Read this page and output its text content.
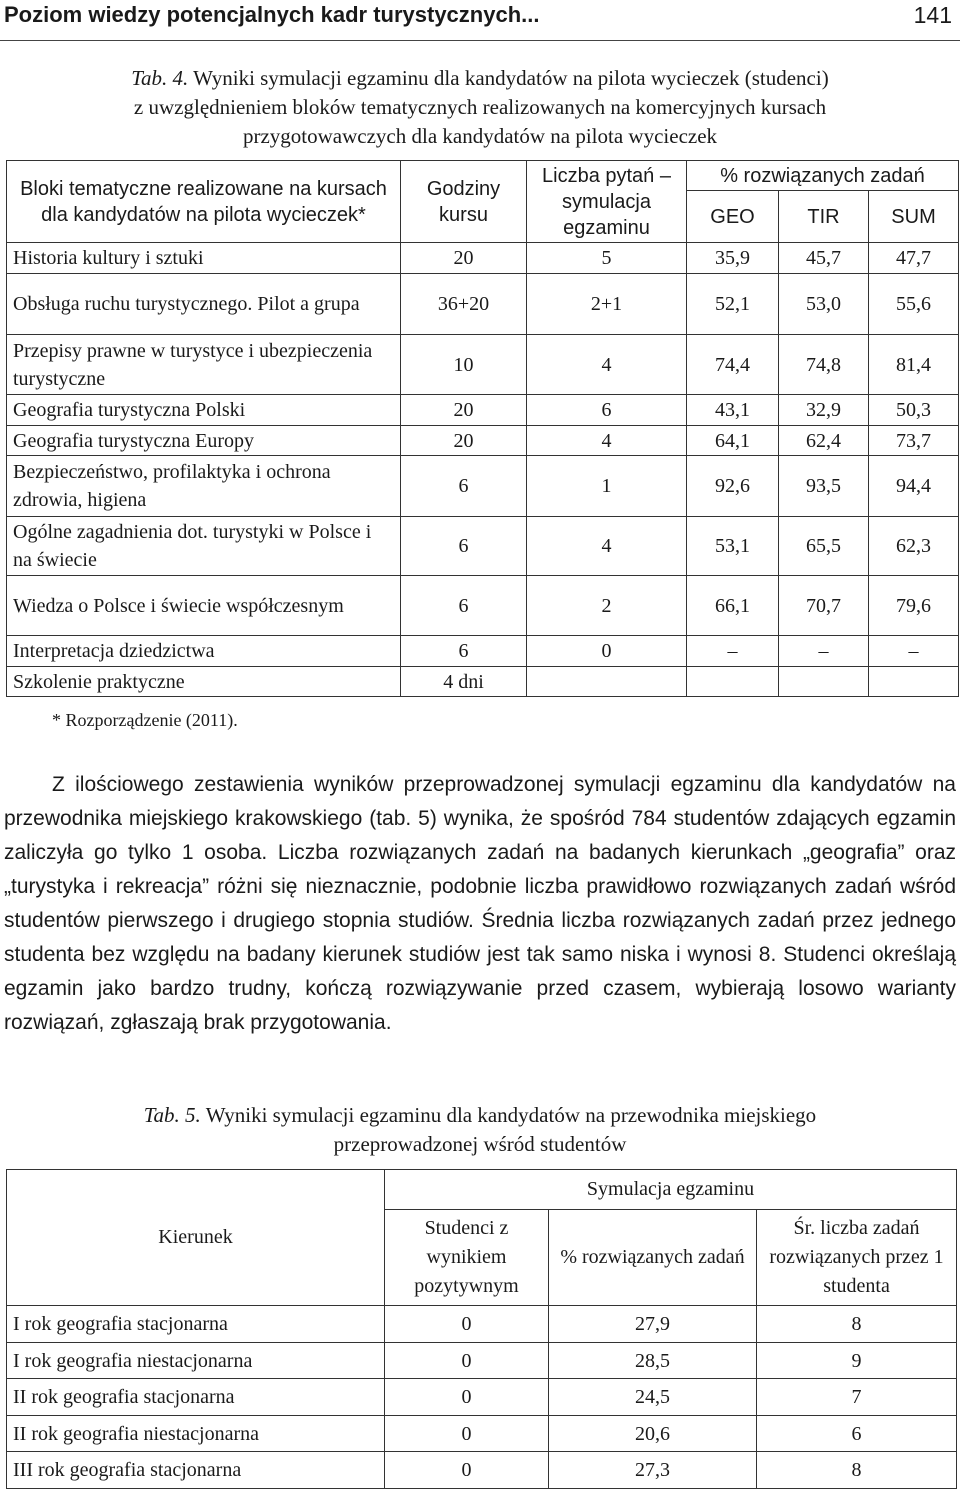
Poziom wiedzy potencjalnych kadr turystycznych...	141
Tab. 4. Wyniki symulacji egzaminu dla kandydatów na pilota wycieczek (studenci)
z uwzględnieniem bloków tematycznych realizowanych na komercyjnych kursach
przygotowawczych dla kandydatów na pilota wycieczek
Bloki tematyczne realizowane na kursach dla kandydatów na pilota wycieczek*	Godziny kursu	Liczba pytań – symulacja egzaminu	% rozwiązanych zadań		
			GEO	TIR	SUM
Historia kultury i sztuki	20	5	35,9	45,7	47,7
Obsługa ruchu turystycznego. Pilot a grupa	36+20	2+1	52,1	53,0	55,6
Przepisy prawne w turystyce i ubezpieczenia turystyczne	10	4	74,4	74,8	81,4
Geografia turystyczna Polski	20	6	43,1	32,9	50,3
Geografia turystyczna Europy	20	4	64,1	62,4	73,7
Bezpieczeństwo, profilaktyka i ochrona zdrowia, higiena	6	1	92,6	93,5	94,4
Ogólne zagadnienia dot. turystyki w Polsce i na świecie	6	4	53,1	65,5	62,3
Wiedza o Polsce i świecie współczesnym	6	2	66,1	70,7	79,6
Interpretacja dziedzictwa	6	0	–	–	–
Szkolenie praktyczne	4 dni				
* Rozporządzenie (2011).
Z ilościowego zestawienia wyników przeprowadzonej symulacji egzaminu dla kandydatów na przewodnika miejskiego krakowskiego (tab. 5) wynika, że spośród 784 studentów zdających egzamin zaliczyła go tylko 1 osoba. Liczba rozwiązanych zadań na badanych kierunkach „geografia” oraz „turystyka i rekreacja” różni się nieznacznie, podobnie liczba prawidłowo rozwiązanych zadań wśród studentów pierwszego i drugiego stopnia studiów. Średnia liczba rozwiązanych zadań przez jednego studenta bez względu na badany kierunek studiów jest tak samo niska i wynosi 8. Studenci określają egzamin jako bardzo trudny, kończą rozwiązywanie przed czasem, wybierają losowo warianty rozwiązań, zgłaszają brak przygotowania.
Tab. 5. Wyniki symulacji egzaminu dla kandydatów na przewodnika miejskiego
przeprowadzonej wśród studentów
Kierunek	Symulacja egzaminu		
	Studenci z wynikiem pozytywnym	% rozwiązanych zadań	Śr. liczba zadań rozwiązanych przez 1 studenta
I rok geografia stacjonarna	0	27,9	8
I rok geografia niestacjonarna	0	28,5	9
II rok geografia stacjonarna	0	24,5	7
II rok geografia niestacjonarna	0	20,6	6
III rok geografia stacjonarna	0	27,3	8
